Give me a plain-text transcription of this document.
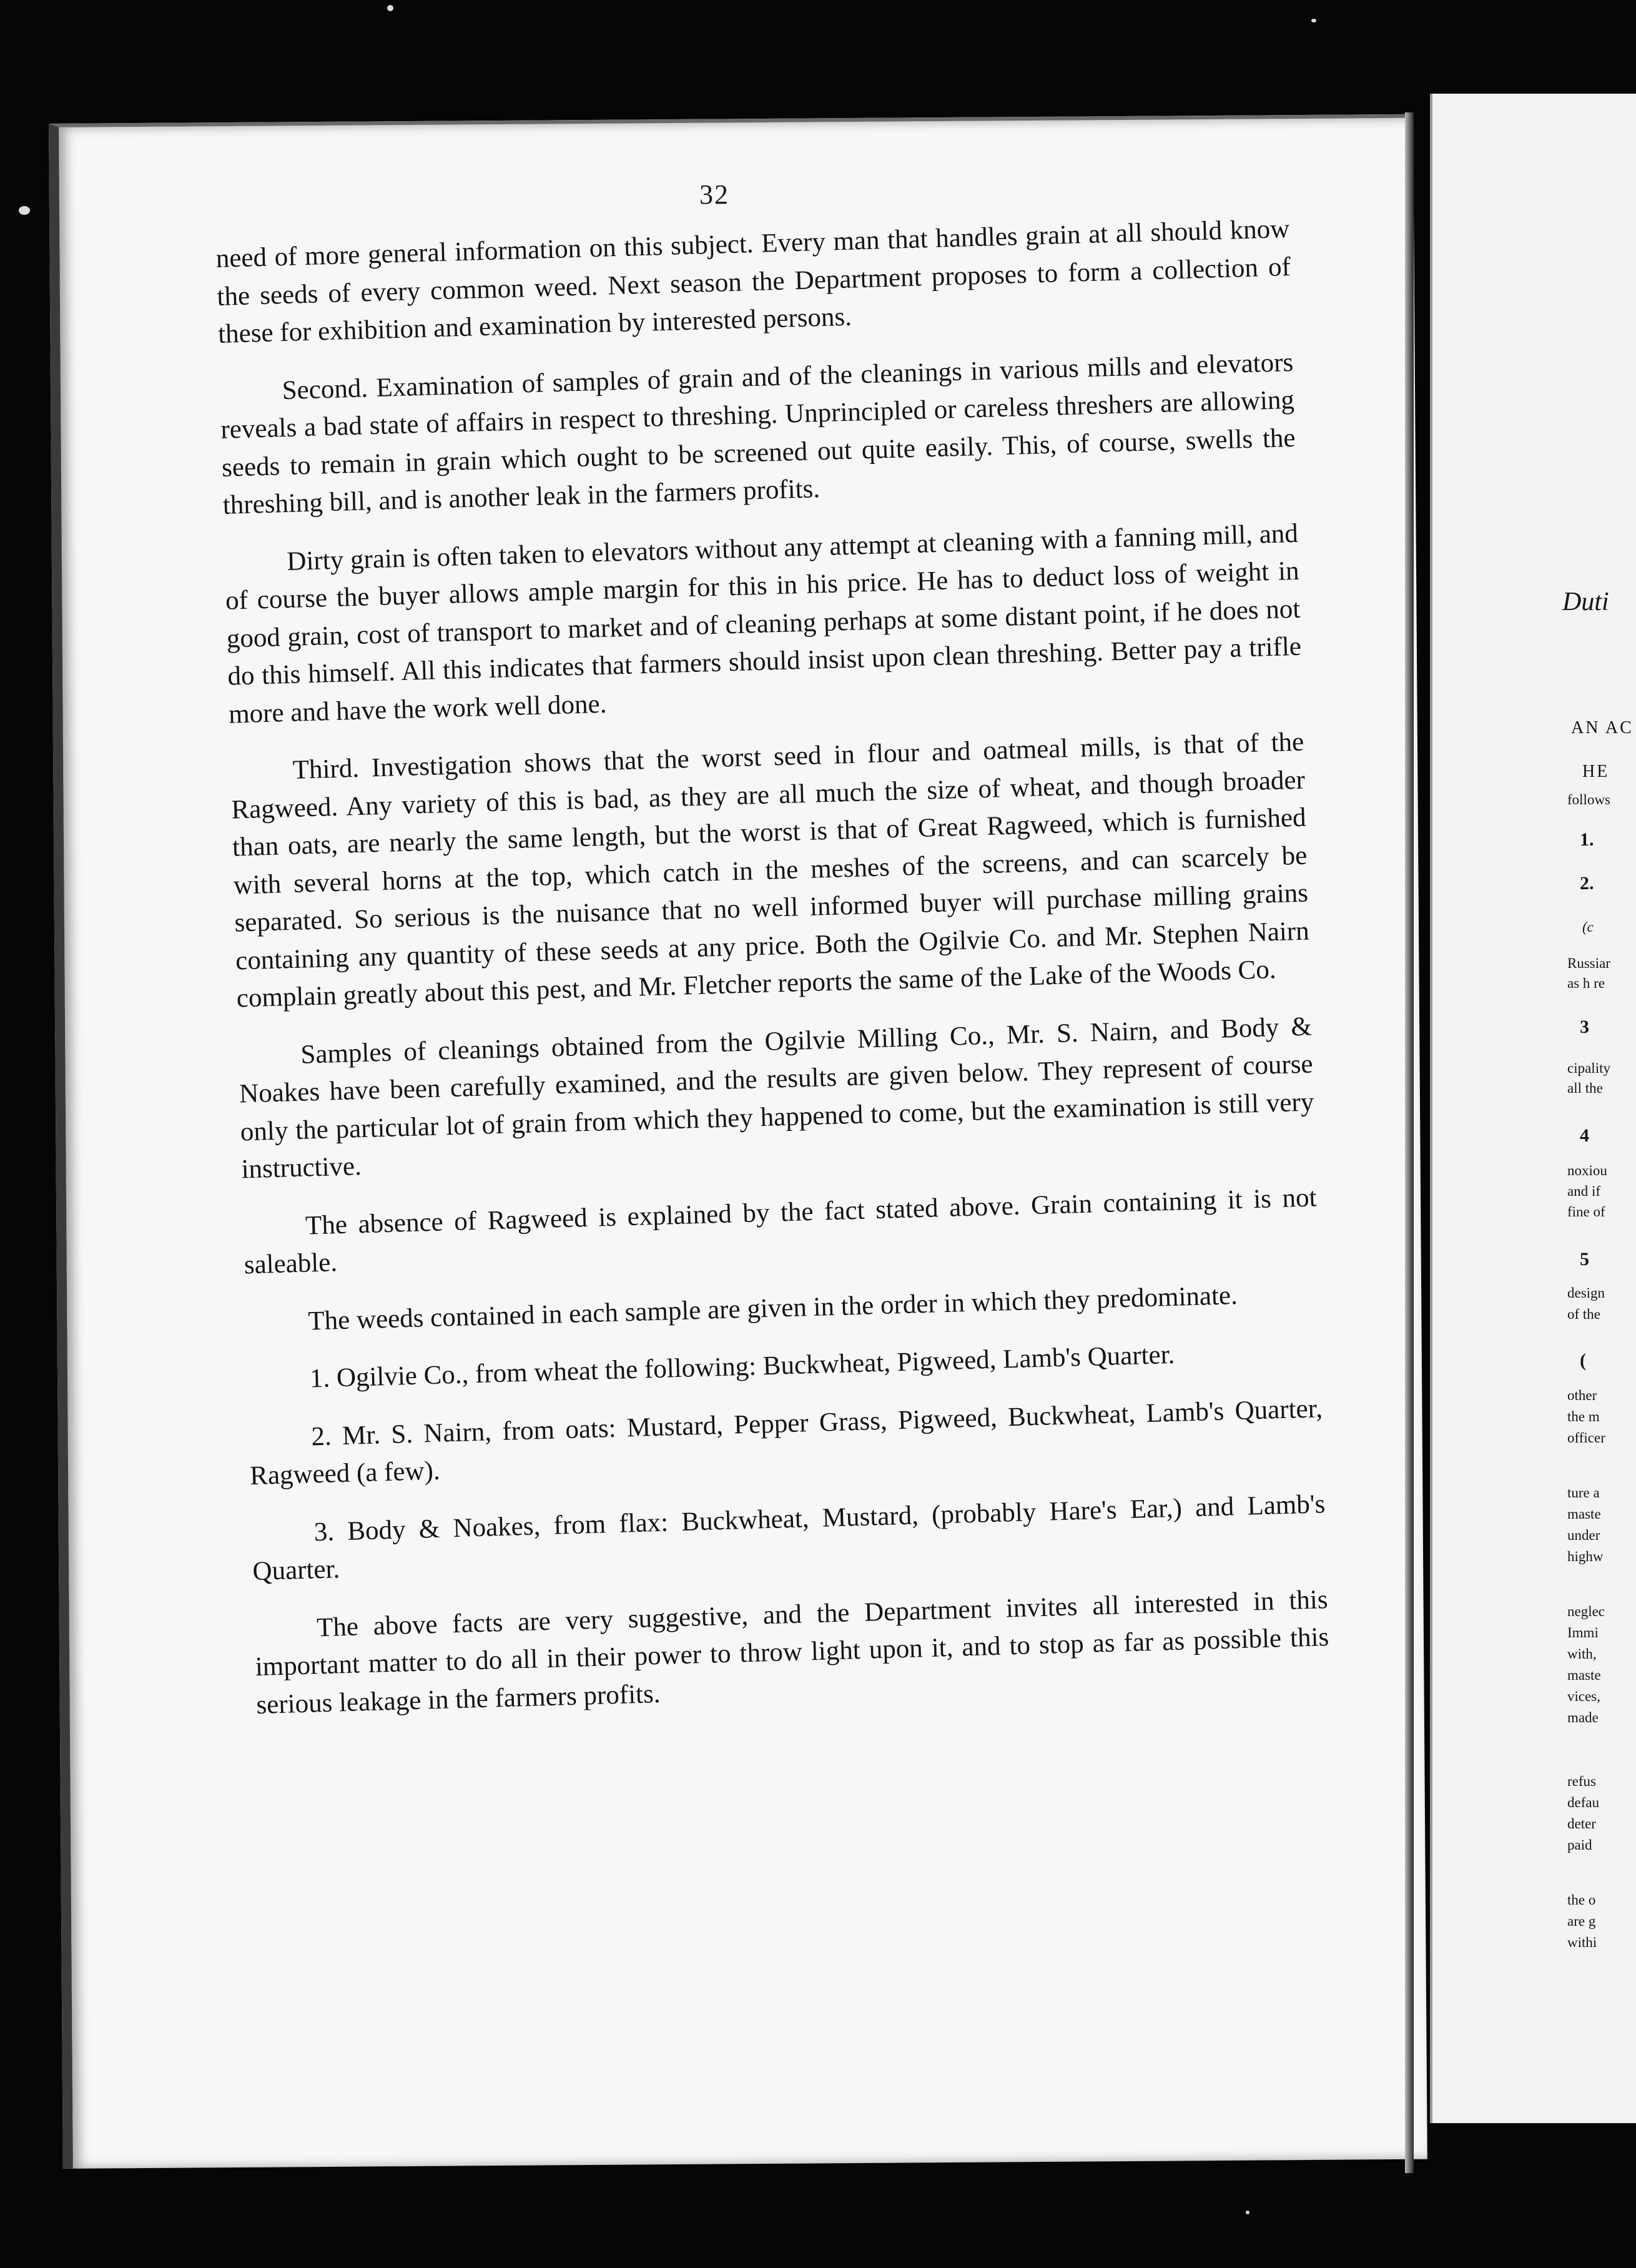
32

need of more general information on this subject. Every man that handles grain at all should know the seeds of every common weed. Next season the Department proposes to form a collection of these for exhibition and examination by interested persons.

Second. Examination of samples of grain and of the cleanings in various mills and elevators reveals a bad state of affairs in respect to threshing. Unprincipled or careless threshers are allowing seeds to remain in grain which ought to be screened out quite easily. This, of course, swells the threshing bill, and is another leak in the farmers profits.

Dirty grain is often taken to elevators without any attempt at cleaning with a fanning mill, and of course the buyer allows ample margin for this in his price. He has to deduct loss of weight in good grain, cost of transport to market and of cleaning perhaps at some distant point, if he does not do this himself. All this indicates that farmers should insist upon clean threshing. Better pay a trifle more and have the work well done.

Third. Investigation shows that the worst seed in flour and oatmeal mills, is that of the Ragweed. Any variety of this is bad, as they are all much the size of wheat, and though broader than oats, are nearly the same length, but the worst is that of Great Ragweed, which is furnished with several horns at the top, which catch in the meshes of the screens, and can scarcely be separated. So serious is the nuisance that no well informed buyer will purchase milling grains containing any quantity of these seeds at any price. Both the Ogilvie Co. and Mr. Stephen Nairn complain greatly about this pest, and Mr. Fletcher reports the same of the Lake of the Woods Co.

Samples of cleanings obtained from the Ogilvie Milling Co., Mr. S. Nairn, and Body & Noakes have been carefully examined, and the results are given below. They represent of course only the particular lot of grain from which they happened to come, but the examination is still very instructive.

The absence of Ragweed is explained by the fact stated above. Grain containing it is not saleable.

The weeds contained in each sample are given in the order in which they predominate.

1. Ogilvie Co., from wheat the following: Buckwheat, Pigweed, Lamb's Quarter.

2. Mr. S. Nairn, from oats: Mustard, Pepper Grass, Pigweed, Buckwheat, Lamb's Quarter, Ragweed (a few).

3. Body & Noakes, from flax: Buckwheat, Mustard, (probably Hare's Ear,) and Lamb's Quarter.

The above facts are very suggestive, and the Department invites all interested in this important matter to do all in their power to throw light upon it, and to stop as far as possible this serious leakage in the farmers profits.

Duti
AN AC
HE
follows
1.
2.
(c
Russiar
as h re
3
cipality
all the
4
noxiou
and if
fine of
5
design
of the
(
other
the m
officer
ture a
maste
under
highw
neglec
Immi
with,
maste
vices,
made
refus
defau
deter
paid
the o
are g
withi
